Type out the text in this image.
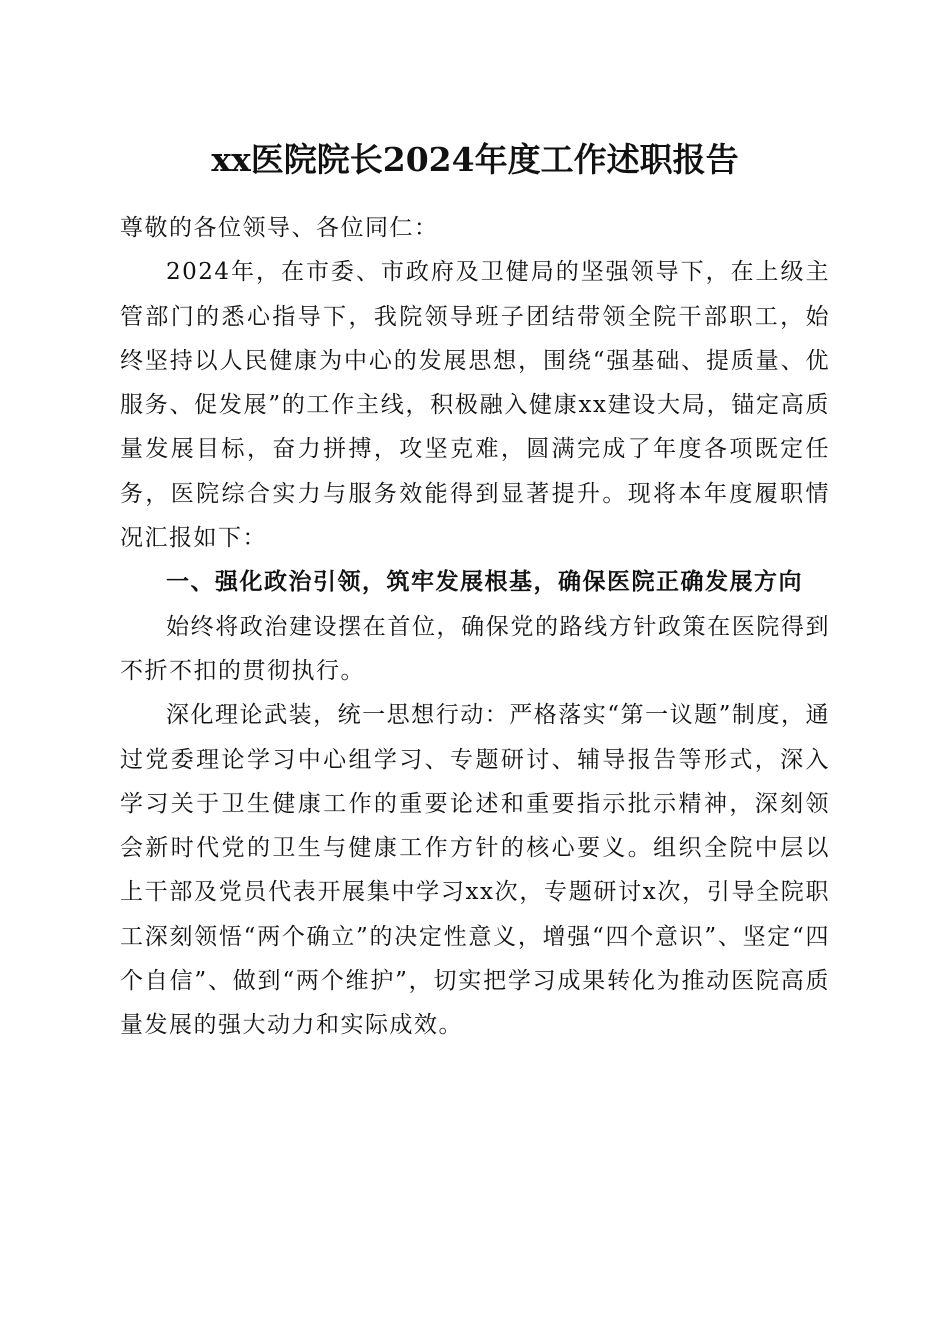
xx医院院长2024年度工作述职报告

尊敬的各位领导、各位同仁：

2024年，在市委、市政府及卫健局的坚强领导下，在上级主管部门的悉心指导下，我院领导班子团结带领全院干部职工，始终坚持以人民健康为中心的发展思想，围绕“强基础、提质量、优服务、促发展”的工作主线，积极融入健康xx建设大局，锚定高质量发展目标，奋力拼搏，攻坚克难，圆满完成了年度各项既定任务，医院综合实力与服务效能得到显著提升。现将本年度履职情况汇报如下：

一、强化政治引领，筑牢发展根基，确保医院正确发展方向

始终将政治建设摆在首位，确保党的路线方针政策在医院得到不折不扣的贯彻执行。

深化理论武装，统一思想行动：严格落实“第一议题”制度，通过党委理论学习中心组学习、专题研讨、辅导报告等形式，深入学习关于卫生健康工作的重要论述和重要指示批示精神，深刻领会新时代党的卫生与健康工作方针的核心要义。组织全院中层以上干部及党员代表开展集中学习xx次，专题研讨x次，引导全院职工深刻领悟“两个确立”的决定性意义，增强“四个意识”、坚定“四个自信”、做到“两个维护”，切实把学习成果转化为推动医院高质量发展的强大动力和实际成效。
